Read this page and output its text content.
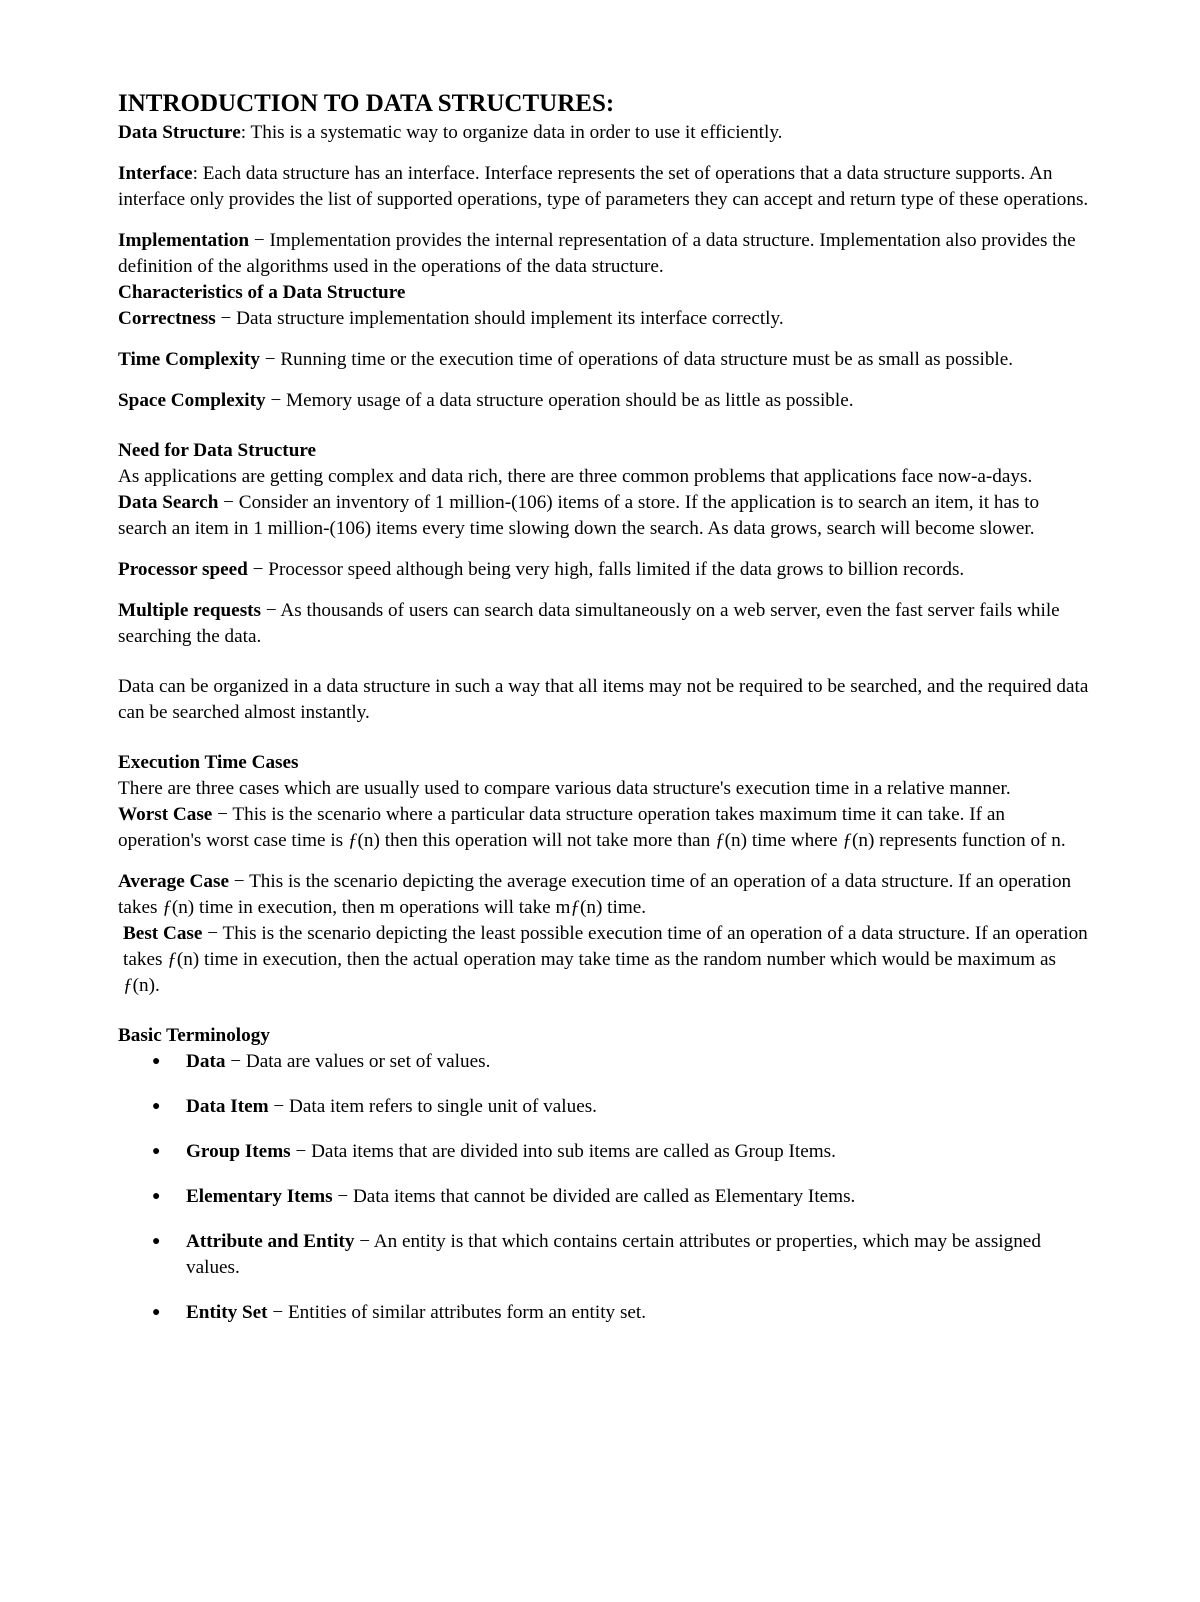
INTRODUCTION TO DATA STRUCTURES:

Data Structure: This is a systematic way to organize data in order to use it efficiently.

Interface: Each data structure has an interface. Interface represents the set of operations that a data structure supports. An interface only provides the list of supported operations, type of parameters they can accept and return type of these operations.

Implementation − Implementation provides the internal representation of a data structure. Implementation also provides the definition of the algorithms used in the operations of the data structure.

Characteristics of a Data Structure

Correctness − Data structure implementation should implement its interface correctly.

Time Complexity − Running time or the execution time of operations of data structure must be as small as possible.

Space Complexity − Memory usage of a data structure operation should be as little as possible.

Need for Data Structure

As applications are getting complex and data rich, there are three common problems that applications face now-a-days.

Data Search − Consider an inventory of 1 million-(106) items of a store. If the application is to search an item, it has to search an item in 1 million-(106) items every time slowing down the search. As data grows, search will become slower.

Processor speed − Processor speed although being very high, falls limited if the data grows to billion records.

Multiple requests − As thousands of users can search data simultaneously on a web server, even the fast server fails while searching the data.

Data can be organized in a data structure in such a way that all items may not be required to be searched, and the required data can be searched almost instantly.

Execution Time Cases

There are three cases which are usually used to compare various data structure's execution time in a relative manner.

Worst Case − This is the scenario where a particular data structure operation takes maximum time it can take. If an operation's worst case time is ƒ(n) then this operation will not take more than ƒ(n) time where ƒ(n) represents function of n.

Average Case − This is the scenario depicting the average execution time of an operation of a data structure. If an operation takes ƒ(n) time in execution, then m operations will take mƒ(n) time.

Best Case − This is the scenario depicting the least possible execution time of an operation of a data structure. If an operation takes ƒ(n) time in execution, then the actual operation may take time as the random number which would be maximum as ƒ(n).

Basic Terminology

● Data − Data are values or set of values.
● Data Item − Data item refers to single unit of values.
● Group Items − Data items that are divided into sub items are called as Group Items.
● Elementary Items − Data items that cannot be divided are called as Elementary Items.
● Attribute and Entity − An entity is that which contains certain attributes or properties, which may be assigned values.
● Entity Set − Entities of similar attributes form an entity set.
